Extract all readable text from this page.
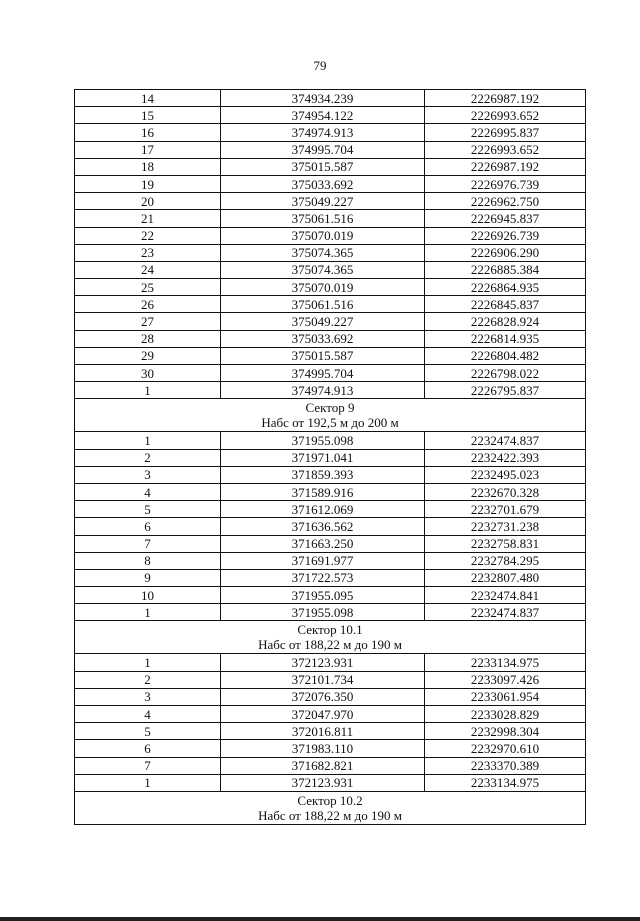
79
14	374934.239	2226987.192
15	374954.122	2226993.652
16	374974.913	2226995.837
17	374995.704	2226993.652
18	375015.587	2226987.192
19	375033.692	2226976.739
20	375049.227	2226962.750
21	375061.516	2226945.837
22	375070.019	2226926.739
23	375074.365	2226906.290
24	375074.365	2226885.384
25	375070.019	2226864.935
26	375061.516	2226845.837
27	375049.227	2226828.924
28	375033.692	2226814.935
29	375015.587	2226804.482
30	374995.704	2226798.022
1	374974.913	2226795.837

Сектор 9
Набс от 192,5 м до 200 м		

1	371955.098	2232474.837
2	371971.041	2232422.393
3	371859.393	2232495.023
4	371589.916	2232670.328
5	371612.069	2232701.679
6	371636.562	2232731.238
7	371663.250	2232758.831
8	371691.977	2232784.295
9	371722.573	2232807.480
10	371955.095	2232474.841
1	371955.098	2232474.837

Сектор 10.1
Набс от 188,22 м до 190 м		

1	372123.931	2233134.975
2	372101.734	2233097.426
3	372076.350	2233061.954
4	372047.970	2233028.829
5	372016.811	2232998.304
6	371983.110	2232970.610
7	371682.821	2233370.389
1	372123.931	2233134.975

Сектор 10.2
Набс от 188,22 м до 190 м		
